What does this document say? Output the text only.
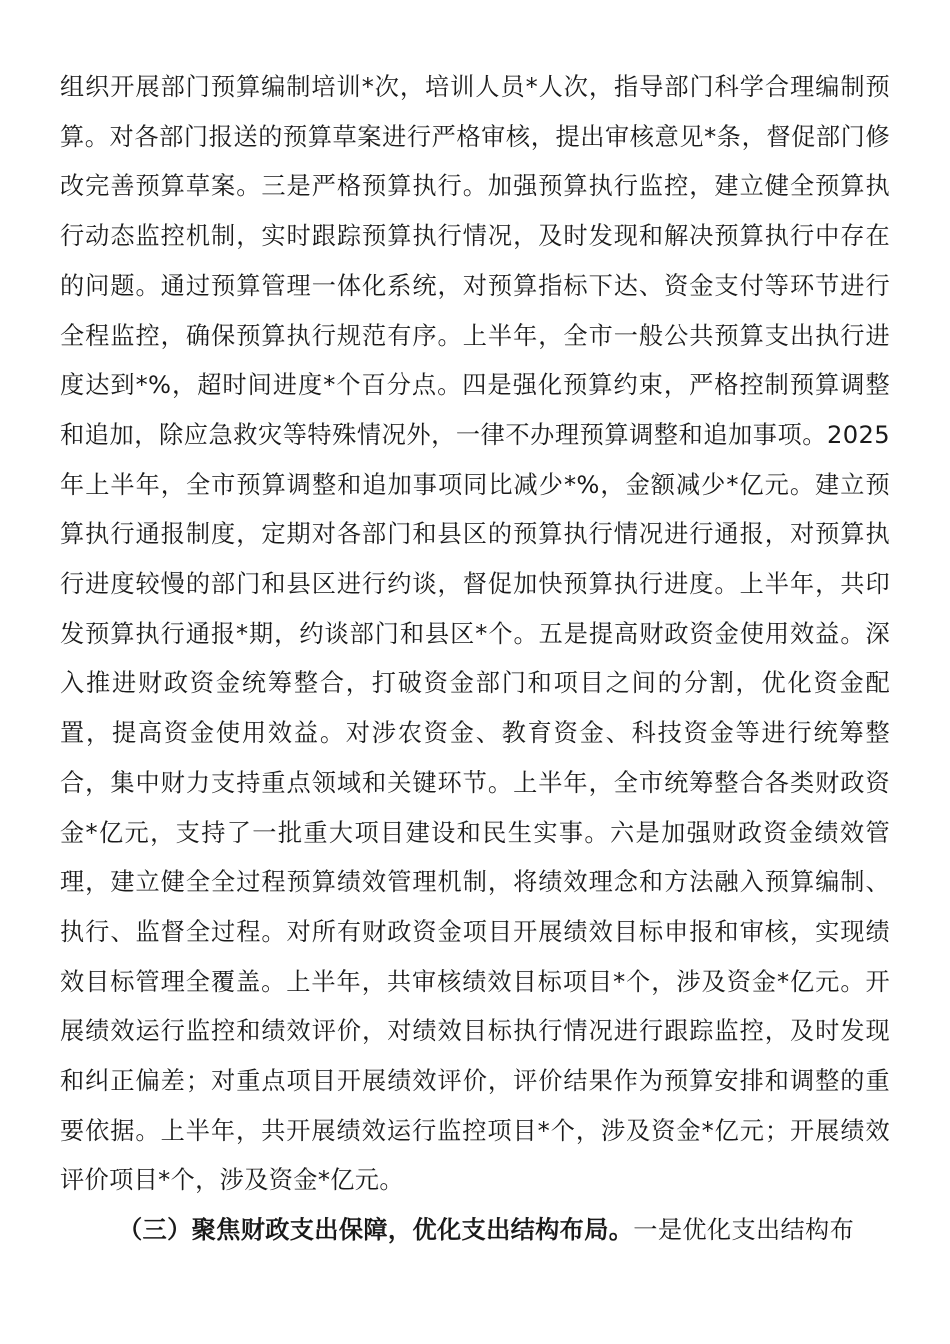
组织开展部门预算编制培训*次，培训人员*人次，指导部门科学合理编制预算。对各部门报送的预算草案进行严格审核，提出审核意见*条，督促部门修改完善预算草案。三是严格预算执行。加强预算执行监控，建立健全预算执行动态监控机制，实时跟踪预算执行情况，及时发现和解决预算执行中存在的问题。通过预算管理一体化系统，对预算指标下达、资金支付等环节进行全程监控，确保预算执行规范有序。上半年，全市一般公共预算支出执行进度达到*%，超时间进度*个百分点。四是强化预算约束，严格控制预算调整和追加，除应急救灾等特殊情况外，一律不办理预算调整和追加事项。2025年上半年，全市预算调整和追加事项同比减少*%，金额减少*亿元。建立预算执行通报制度，定期对各部门和县区的预算执行情况进行通报，对预算执行进度较慢的部门和县区进行约谈，督促加快预算执行进度。上半年，共印发预算执行通报*期，约谈部门和县区*个。五是提高财政资金使用效益。深入推进财政资金统筹整合，打破资金部门和项目之间的分割，优化资金配置，提高资金使用效益。对涉农资金、教育资金、科技资金等进行统筹整合，集中财力支持重点领域和关键环节。上半年，全市统筹整合各类财政资金*亿元，支持了一批重大项目建设和民生实事。六是加强财政资金绩效管理，建立健全全过程预算绩效管理机制，将绩效理念和方法融入预算编制、执行、监督全过程。对所有财政资金项目开展绩效目标申报和审核，实现绩效目标管理全覆盖。上半年，共审核绩效目标项目*个，涉及资金*亿元。开展绩效运行监控和绩效评价，对绩效目标执行情况进行跟踪监控，及时发现和纠正偏差；对重点项目开展绩效评价，评价结果作为预算安排和调整的重要依据。上半年，共开展绩效运行监控项目*个，涉及资金*亿元；开展绩效评价项目*个，涉及资金*亿元。

（三）聚焦财政支出保障，优化支出结构布局。一是优化支出结构布
